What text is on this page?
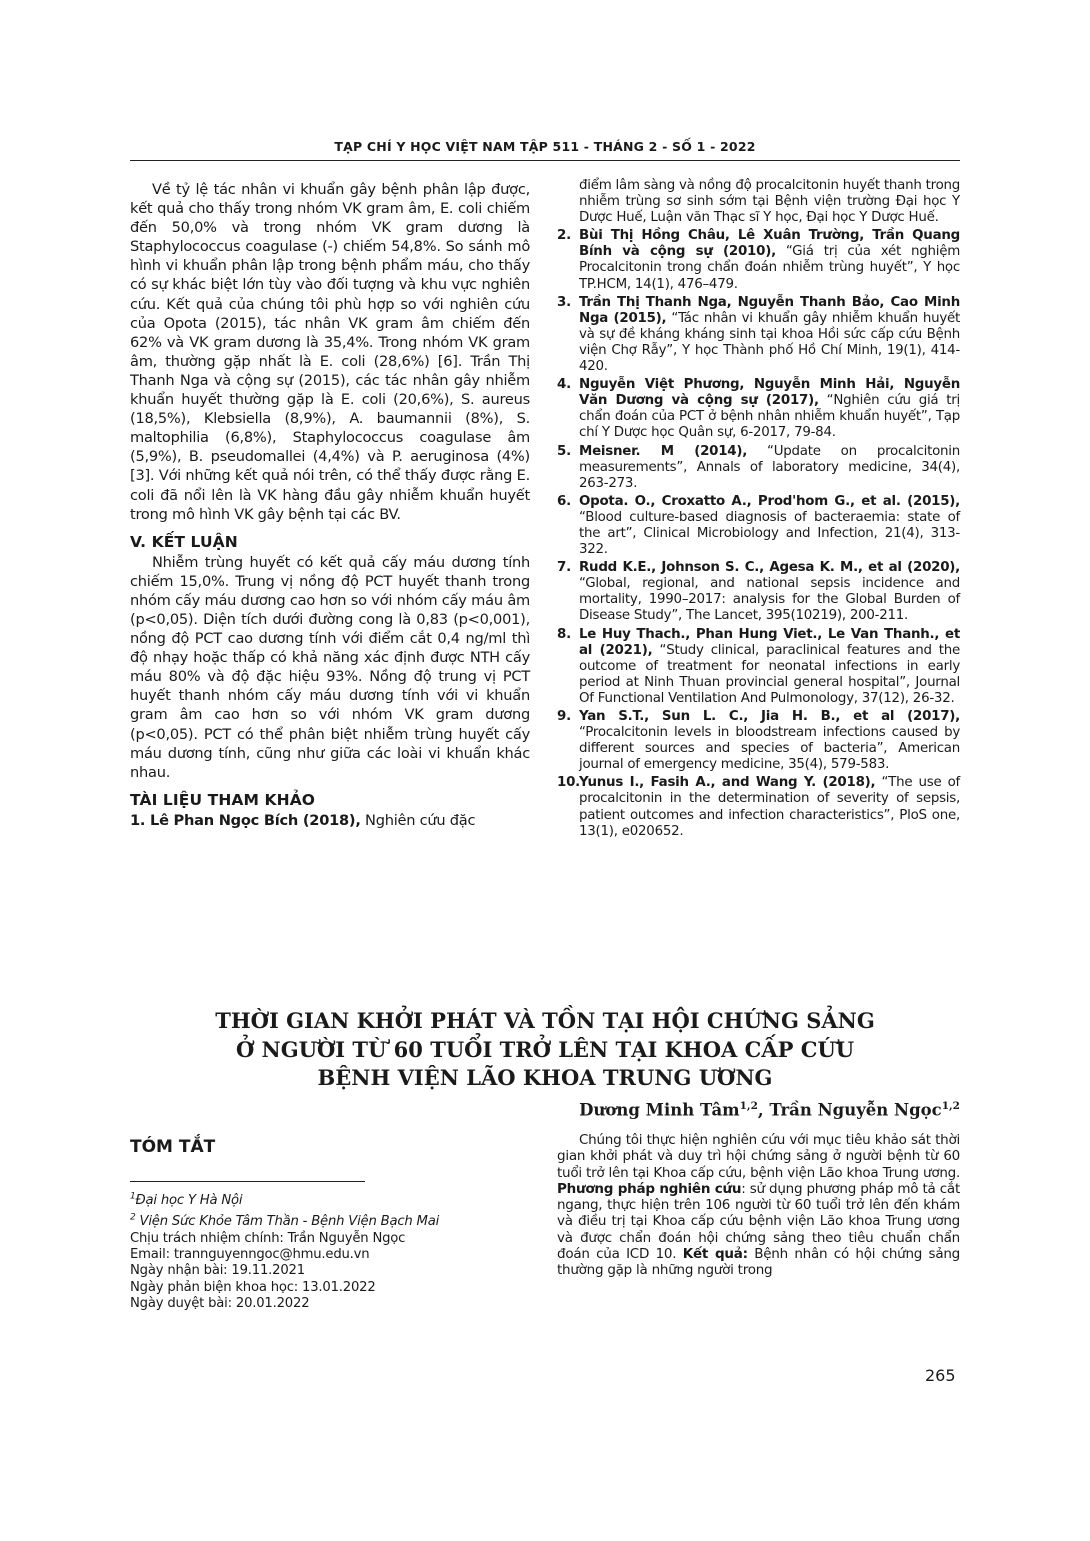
TẠP CHÍ Y HỌC VIỆT NAM TẬP 511 - THÁNG 2 - SỐ 1 - 2022

Về tỷ lệ tác nhân vi khuẩn gây bệnh phân lập được, kết quả cho thấy trong nhóm VK gram âm, E. coli chiếm đến 50,0% và trong nhóm VK gram dương là Staphylococcus coagulase (-) chiếm 54,8%. So sánh mô hình vi khuẩn phân lập trong bệnh phẩm máu, cho thấy có sự khác biệt lớn tùy vào đối tượng và khu vực nghiên cứu. Kết quả của chúng tôi phù hợp so với nghiên cứu của Opota (2015), tác nhân VK gram âm chiếm đến 62% và VK gram dương là 35,4%. Trong nhóm VK gram âm, thường gặp nhất là E. coli (28,6%) [6]. Trần Thị Thanh Nga và cộng sự (2015), các tác nhân gây nhiễm khuẩn huyết thường gặp là E. coli (20,6%), S. aureus (18,5%), Klebsiella (8,9%), A. baumannii (8%), S. maltophilia (6,8%), Staphylococcus coagulase âm (5,9%), B. pseudomallei (4,4%) và P. aeruginosa (4%) [3]. Với những kết quả nói trên, có thể thấy được rằng E. coli đã nổi lên là VK hàng đầu gây nhiễm khuẩn huyết trong mô hình VK gây bệnh tại các BV.

V. KẾT LUẬN

Nhiễm trùng huyết có kết quả cấy máu dương tính chiếm 15,0%. Trung vị nồng độ PCT huyết thanh trong nhóm cấy máu dương cao hơn so với nhóm cấy máu âm (p<0,05). Diện tích dưới đường cong là 0,83 (p<0,001), nồng độ PCT cao dương tính với điểm cắt 0,4 ng/ml thì độ nhạy hoặc thấp có khả năng xác định được NTH cấy máu 80% và độ đặc hiệu 93%. Nồng độ trung vị PCT huyết thanh nhóm cấy máu dương tính với vi khuẩn gram âm cao hơn so với nhóm VK gram dương (p<0,05). PCT có thể phân biệt nhiễm trùng huyết cấy máu dương tính, cũng như giữa các loài vi khuẩn khác nhau.

TÀI LIỆU THAM KHẢO

1. Lê Phan Ngọc Bích (2018), Nghiên cứu đặc

điểm lâm sàng và nồng độ procalcitonin huyết thanh trong nhiễm trùng sơ sinh sớm tại Bệnh viện trường Đại học Y Dược Huế, Luận văn Thạc sĩ Y học, Đại học Y Dược Huế.
2. Bùi Thị Hồng Châu, Lê Xuân Trường, Trần Quang Bính và cộng sự (2010), “Giá trị của xét nghiệm Procalcitonin trong chẩn đoán nhiễm trùng huyết”, Y học TP.HCM, 14(1), 476–479.
3. Trần Thị Thanh Nga, Nguyễn Thanh Bảo, Cao Minh Nga (2015), “Tác nhân vi khuẩn gây nhiễm khuẩn huyết và sự đề kháng kháng sinh tại khoa Hồi sức cấp cứu Bệnh viện Chợ Rẫy”, Y học Thành phố Hồ Chí Minh, 19(1), 414-420.
4. Nguyễn Việt Phương, Nguyễn Minh Hải, Nguyễn Văn Dương và cộng sự (2017), “Nghiên cứu giá trị chẩn đoán của PCT ở bệnh nhân nhiễm khuẩn huyết”, Tạp chí Y Dược học Quân sự, 6-2017, 79-84.
5. Meisner. M (2014), “Update on procalcitonin measurements”, Annals of laboratory medicine, 34(4), 263-273.
6. Opota. O., Croxatto A., Prod'hom G., et al. (2015), “Blood culture-based diagnosis of bacteraemia: state of the art”, Clinical Microbiology and Infection, 21(4), 313-322.
7. Rudd K.E., Johnson S. C., Agesa K. M., et al (2020), “Global, regional, and national sepsis incidence and mortality, 1990–2017: analysis for the Global Burden of Disease Study”, The Lancet, 395(10219), 200-211.
8. Le Huy Thach., Phan Hung Viet., Le Van Thanh., et al (2021), “Study clinical, paraclinical features and the outcome of treatment for neonatal infections in early period at Ninh Thuan provincial general hospital”, Journal Of Functional Ventilation And Pulmonology, 37(12), 26-32.
9. Yan S.T., Sun L. C., Jia H. B., et al (2017), “Procalcitonin levels in bloodstream infections caused by different sources and species of bacteria”, American journal of emergency medicine, 35(4), 579-583.
10. Yunus I., Fasih A., and Wang Y. (2018), “The use of procalcitonin in the determination of severity of sepsis, patient outcomes and infection characteristics”, PloS one, 13(1), e020652.
THỜI GIAN KHỞI PHÁT VÀ TỒN TẠI HỘI CHỨNG SẢNG
Ở NGƯỜI TỪ 60 TUỔI TRỞ LÊN TẠI KHOA CẤP CỨU
BỆNH VIỆN LÃO KHOA TRUNG ƯƠNG
Dương Minh Tâm$^{1,2}$, Trần Nguyễn Ngọc$^{1,2}$
TÓM TẮT
$^1$Đại học Y Hà Nội
$^2$ Viện Sức Khỏe Tâm Thần - Bệnh Viện Bạch Mai
Chịu trách nhiệm chính: Trần Nguyễn Ngọc
Email: trannguyenngoc@hmu.edu.vn
Ngày nhận bài: 19.11.2021
Ngày phản biện khoa học: 13.01.2022
Ngày duyệt bài: 20.01.2022

Chúng tôi thực hiện nghiên cứu với mục tiêu khảo sát thời gian khởi phát và duy trì hội chứng sảng ở người bệnh từ 60 tuổi trở lên tại Khoa cấp cứu, bệnh viện Lão khoa Trung ương. Phương pháp nghiên cứu: sử dụng phương pháp mô tả cắt ngang, thực hiện trên 106 người từ 60 tuổi trở lên đến khám và điều trị tại Khoa cấp cứu bệnh viện Lão khoa Trung ương và được chẩn đoán hội chứng sảng theo tiêu chuẩn chẩn đoán của ICD 10. Kết quả: Bệnh nhân có hội chứng sảng thường gặp là những người trong

265
